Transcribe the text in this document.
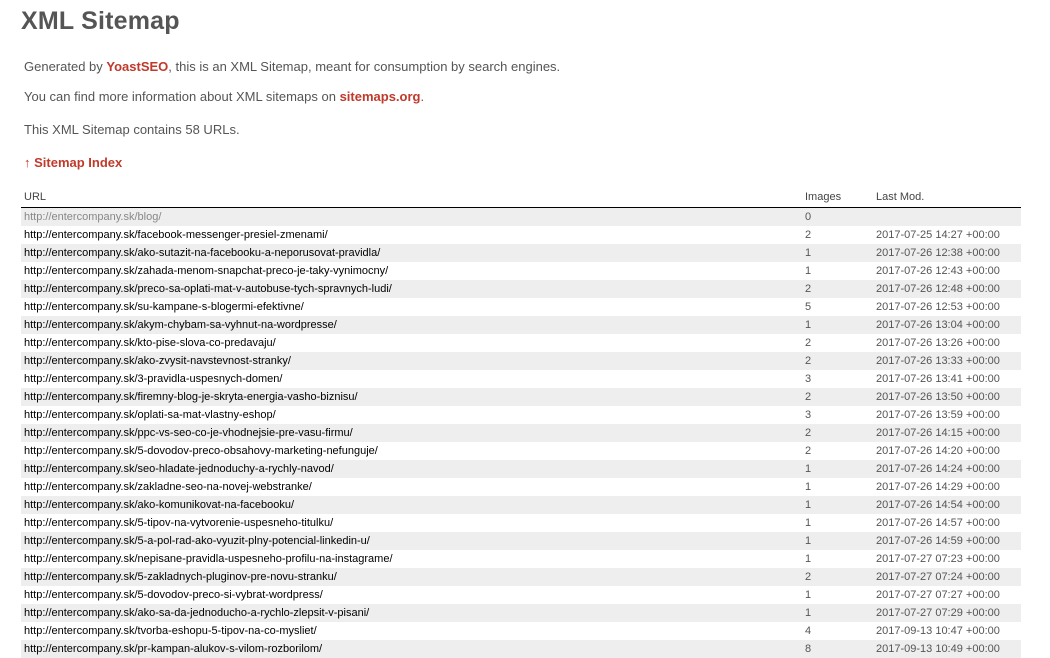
XML Sitemap

Generated by YoastSEO, this is an XML Sitemap, meant for consumption by search engines.

You can find more information about XML sitemaps on sitemaps.org.

This XML Sitemap contains 58 URLs.

↑ Sitemap Index

URL	Images	Last Mod.
http://entercompany.sk/blog/	0	
http://entercompany.sk/facebook-messenger-presiel-zmenami/	2	2017-07-25 14:27 +00:00
http://entercompany.sk/ako-sutazit-na-facebooku-a-neporusovat-pravidla/	1	2017-07-26 12:38 +00:00
http://entercompany.sk/zahada-menom-snapchat-preco-je-taky-vynimocny/	1	2017-07-26 12:43 +00:00
http://entercompany.sk/preco-sa-oplati-mat-v-autobuse-tych-spravnych-ludi/	2	2017-07-26 12:48 +00:00
http://entercompany.sk/su-kampane-s-blogermi-efektivne/	5	2017-07-26 12:53 +00:00
http://entercompany.sk/akym-chybam-sa-vyhnut-na-wordpresse/	1	2017-07-26 13:04 +00:00
http://entercompany.sk/kto-pise-slova-co-predavaju/	2	2017-07-26 13:26 +00:00
http://entercompany.sk/ako-zvysit-navstevnost-stranky/	2	2017-07-26 13:33 +00:00
http://entercompany.sk/3-pravidla-uspesnych-domen/	3	2017-07-26 13:41 +00:00
http://entercompany.sk/firemny-blog-je-skryta-energia-vasho-biznisu/	2	2017-07-26 13:50 +00:00
http://entercompany.sk/oplati-sa-mat-vlastny-eshop/	3	2017-07-26 13:59 +00:00
http://entercompany.sk/ppc-vs-seo-co-je-vhodnejsie-pre-vasu-firmu/	2	2017-07-26 14:15 +00:00
http://entercompany.sk/5-dovodov-preco-obsahovy-marketing-nefunguje/	2	2017-07-26 14:20 +00:00
http://entercompany.sk/seo-hladate-jednoduchy-a-rychly-navod/	1	2017-07-26 14:24 +00:00
http://entercompany.sk/zakladne-seo-na-novej-webstranke/	1	2017-07-26 14:29 +00:00
http://entercompany.sk/ako-komunikovat-na-facebooku/	1	2017-07-26 14:54 +00:00
http://entercompany.sk/5-tipov-na-vytvorenie-uspesneho-titulku/	1	2017-07-26 14:57 +00:00
http://entercompany.sk/5-a-pol-rad-ako-vyuzit-plny-potencial-linkedin-u/	1	2017-07-26 14:59 +00:00
http://entercompany.sk/nepisane-pravidla-uspesneho-profilu-na-instagrame/	1	2017-07-27 07:23 +00:00
http://entercompany.sk/5-zakladnych-pluginov-pre-novu-stranku/	2	2017-07-27 07:24 +00:00
http://entercompany.sk/5-dovodov-preco-si-vybrat-wordpress/	1	2017-07-27 07:27 +00:00
http://entercompany.sk/ako-sa-da-jednoducho-a-rychlo-zlepsit-v-pisani/	1	2017-07-27 07:29 +00:00
http://entercompany.sk/tvorba-eshopu-5-tipov-na-co-mysliet/	4	2017-09-13 10:47 +00:00
http://entercompany.sk/pr-kampan-alukov-s-vilom-rozborilom/	8	2017-09-13 10:49 +00:00
